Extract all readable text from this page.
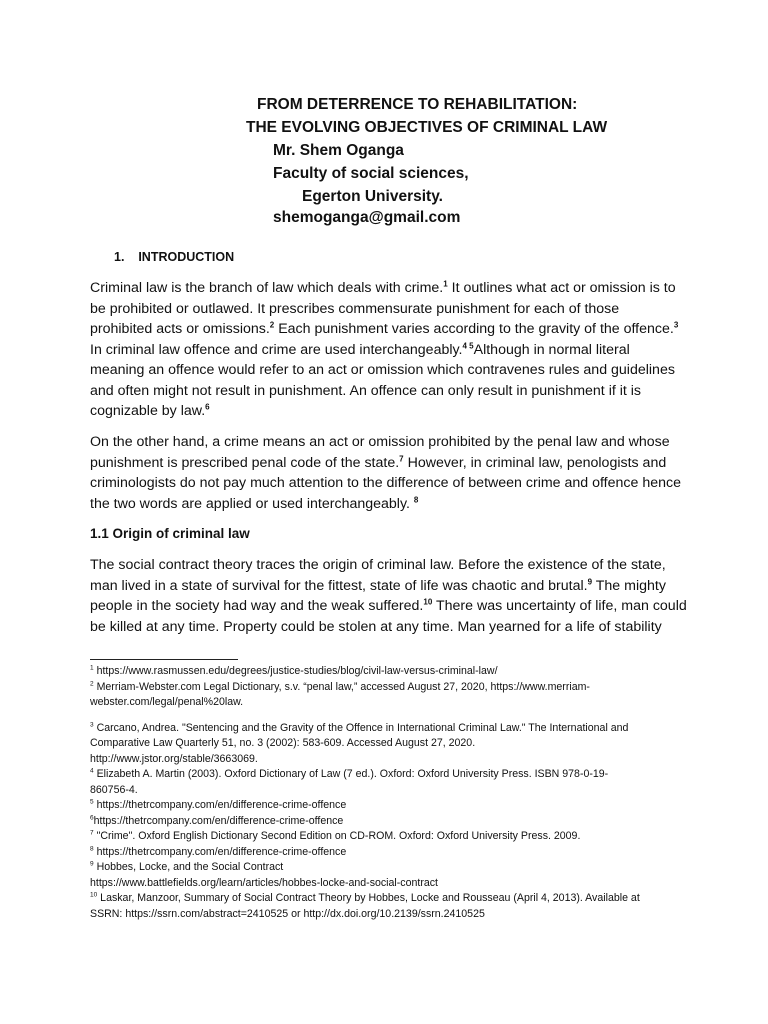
FROM DETERRENCE TO REHABILITATION:
THE EVOLVING OBJECTIVES OF CRIMINAL LAW
Mr. Shem Oganga
Faculty of social sciences,
Egerton University.
shemoganga@gmail.com
1.    INTRODUCTION
Criminal law is the branch of law which deals with crime.$^1$ It outlines what act or omission is to
be prohibited or outlawed. It prescribes commensurate punishment for each of those
prohibited acts or omissions.$^2$ Each punishment varies according to the gravity of the offence.$^3$
In criminal law offence and crime are used interchangeably.$^{4 5}$Although in normal literal
meaning an offence would refer to an act or omission which contravenes rules and guidelines
and often might not result in punishment. An offence can only result in punishment if it is
cognizable by law.$^6$
On the other hand, a crime means an act or omission prohibited by the penal law and whose
punishment is prescribed penal code of the state.$^7$ However, in criminal law, penologists and
criminologists do not pay much attention to the difference of between crime and offence hence
the two words are applied or used interchangeably. $^8$
1.1 Origin of criminal law
The social contract theory traces the origin of criminal law. Before the existence of the state,
man lived in a state of survival for the fittest, state of life was chaotic and brutal.$^9$ The mighty
people in the society had way and the weak suffered.$^{10}$ There was uncertainty of life, man could
be killed at any time. Property could be stolen at any time. Man yearned for a life of stability
$^1$ https://www.rasmussen.edu/degrees/justice-studies/blog/civil-law-versus-criminal-law/
$^2$ Merriam-Webster.com Legal Dictionary, s.v. “penal law,” accessed August 27, 2020, https://www.merriam-
webster.com/legal/penal%20law.
$^3$ Carcano, Andrea. "Sentencing and the Gravity of the Offence in International Criminal Law." The International and
Comparative Law Quarterly 51, no. 3 (2002): 583-609. Accessed August 27, 2020.
http://www.jstor.org/stable/3663069.
$^4$ Elizabeth A. Martin (2003). Oxford Dictionary of Law (7 ed.). Oxford: Oxford University Press. ISBN 978-0-19-
860756-4.
$^5$ https://thetrcompany.com/en/difference-crime-offence
$^6$https://thetrcompany.com/en/difference-crime-offence
$^7$ "Crime". Oxford English Dictionary Second Edition on CD-ROM. Oxford: Oxford University Press. 2009.
$^8$ https://thetrcompany.com/en/difference-crime-offence
$^9$ Hobbes, Locke, and the Social Contract
https://www.battlefields.org/learn/articles/hobbes-locke-and-social-contract
$^{10}$ Laskar, Manzoor, Summary of Social Contract Theory by Hobbes, Locke and Rousseau (April 4, 2013). Available at
SSRN: https://ssrn.com/abstract=2410525 or http://dx.doi.org/10.2139/ssrn.2410525
